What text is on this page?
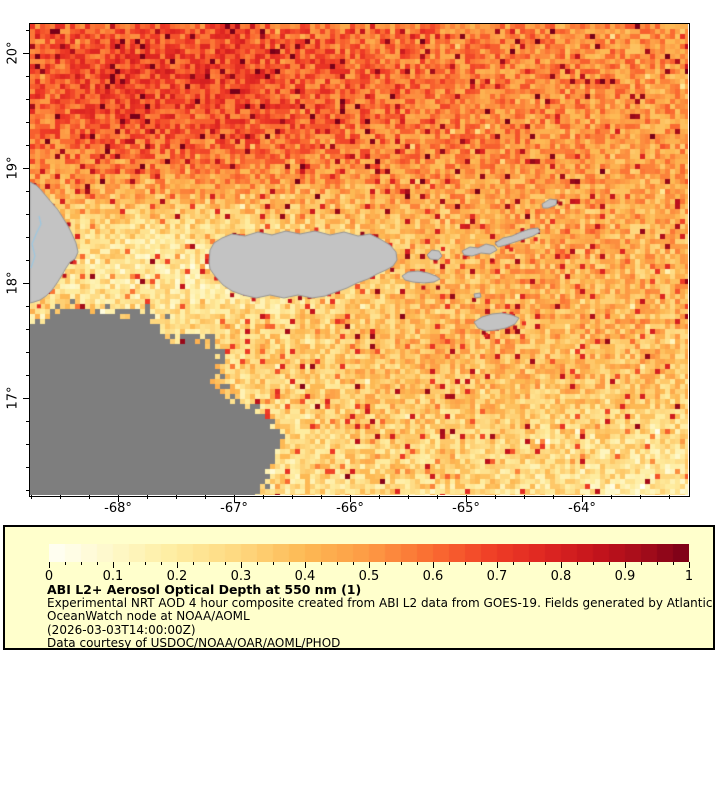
-68°	-67°	-66°	-65°	-64°
20°
19°
18°
17°
0	0.1	0.2	0.3	0.4	0.5	0.6	0.7	0.8	0.9	1
ABI L2+ Aerosol Optical Depth at 550 nm (1)
Experimental NRT AOD 4 hour composite created from ABI L2 data from GOES-19. Fields generated by Atlantic
OceanWatch node at NOAA/AOML
(2026-03-03T14:00:00Z)
Data courtesy of USDOC/NOAA/OAR/AOML/PHOD
